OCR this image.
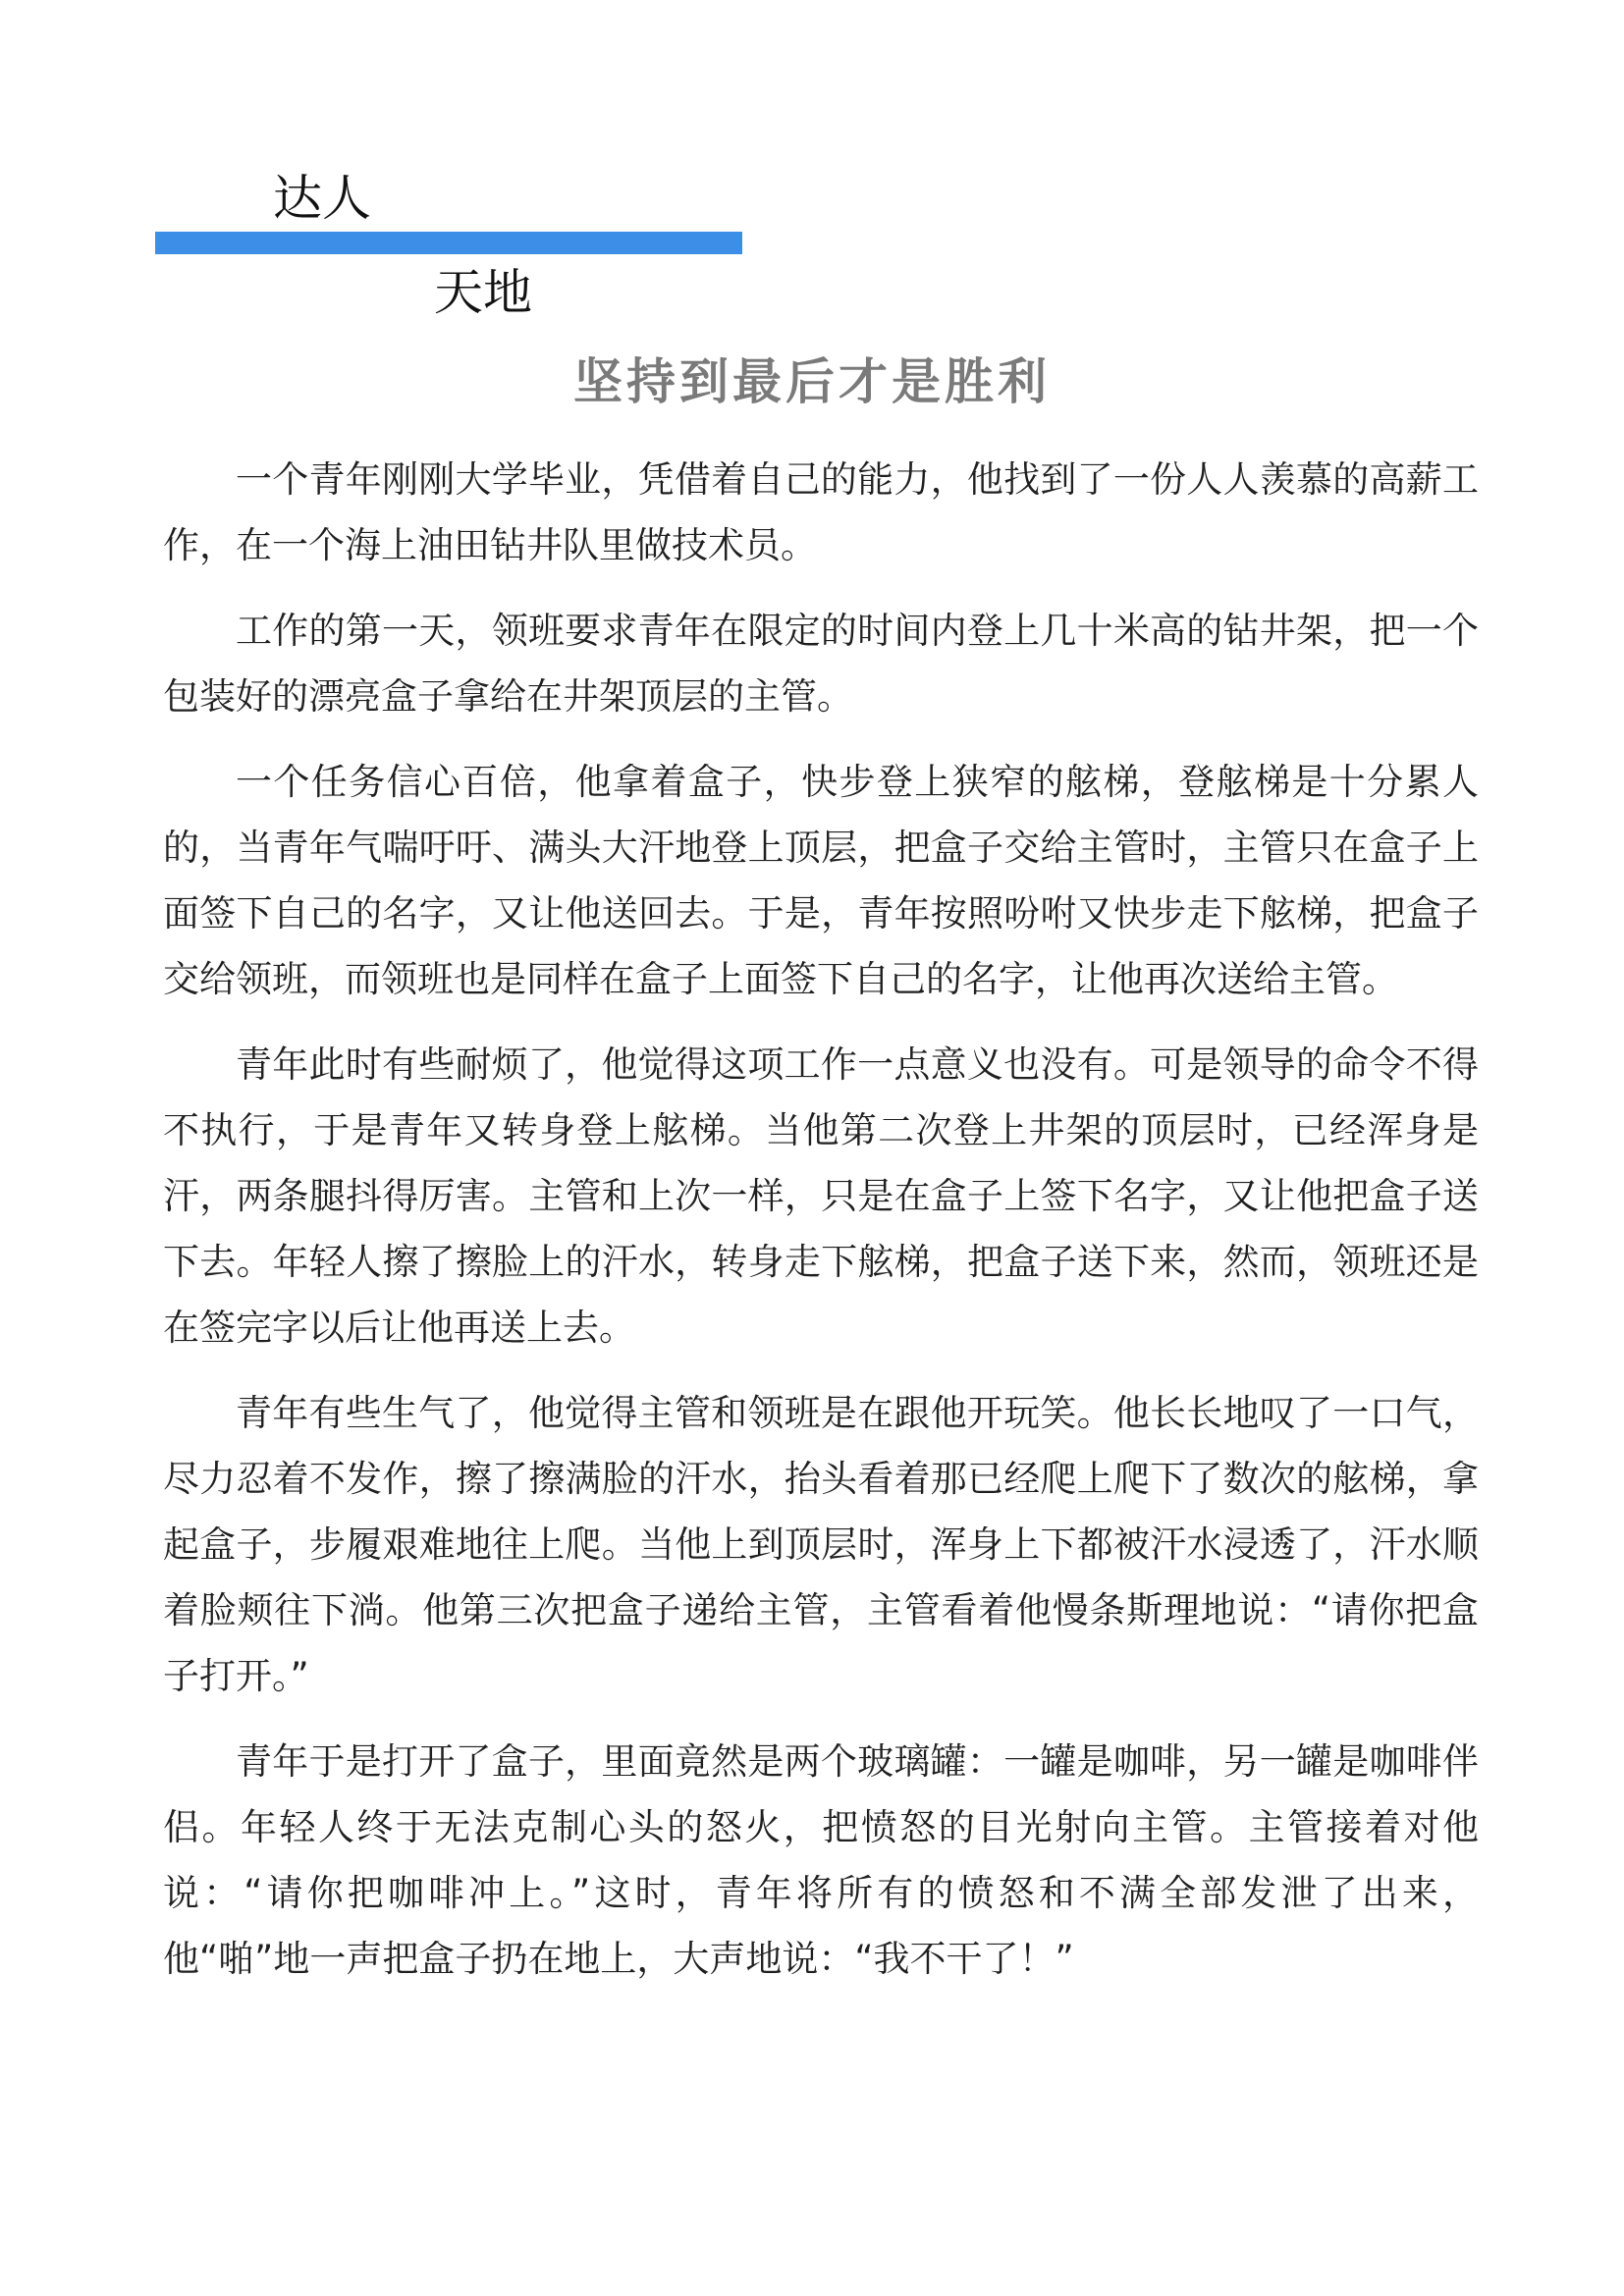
达人
天地
坚持到最后才是胜利

一个青年刚刚大学毕业，凭借着自己的能力，他找到了一份人人羡慕的高薪工作，在一个海上油田钻井队里做技术员。

工作的第一天，领班要求青年在限定的时间内登上几十米高的钻井架，把一个包装好的漂亮盒子拿给在井架顶层的主管。

一个任务信心百倍，他拿着盒子，快步登上狭窄的舷梯，登舷梯是十分累人的，当青年气喘吁吁、满头大汗地登上顶层，把盒子交给主管时，主管只在盒子上面签下自己的名字，又让他送回去。于是，青年按照吩咐又快步走下舷梯，把盒子交给领班，而领班也是同样在盒子上面签下自己的名字，让他再次送给主管。

青年此时有些耐烦了，他觉得这项工作一点意义也没有。可是领导的命令不得不执行，于是青年又转身登上舷梯。当他第二次登上井架的顶层时，已经浑身是汗，两条腿抖得厉害。主管和上次一样，只是在盒子上签下名字，又让他把盒子送下去。年轻人擦了擦脸上的汗水，转身走下舷梯，把盒子送下来，然而，领班还是在签完字以后让他再送上去。

青年有些生气了，他觉得主管和领班是在跟他开玩笑。他长长地叹了一口气，尽力忍着不发作，擦了擦满脸的汗水，抬头看着那已经爬上爬下了数次的舷梯，拿起盒子，步履艰难地往上爬。当他上到顶层时，浑身上下都被汗水浸透了，汗水顺着脸颊往下淌。他第三次把盒子递给主管，主管看着他慢条斯理地说：“请你把盒子打开。”

青年于是打开了盒子，里面竟然是两个玻璃罐：一罐是咖啡，另一罐是咖啡伴侣。年轻人终于无法克制心头的怒火，把愤怒的目光射向主管。主管接着对他说：“请你把咖啡冲上。”这时，青年将所有的愤怒和不满全部发泄了出来，他“啪”地一声把盒子扔在地上，大声地说：“我不干了！”
